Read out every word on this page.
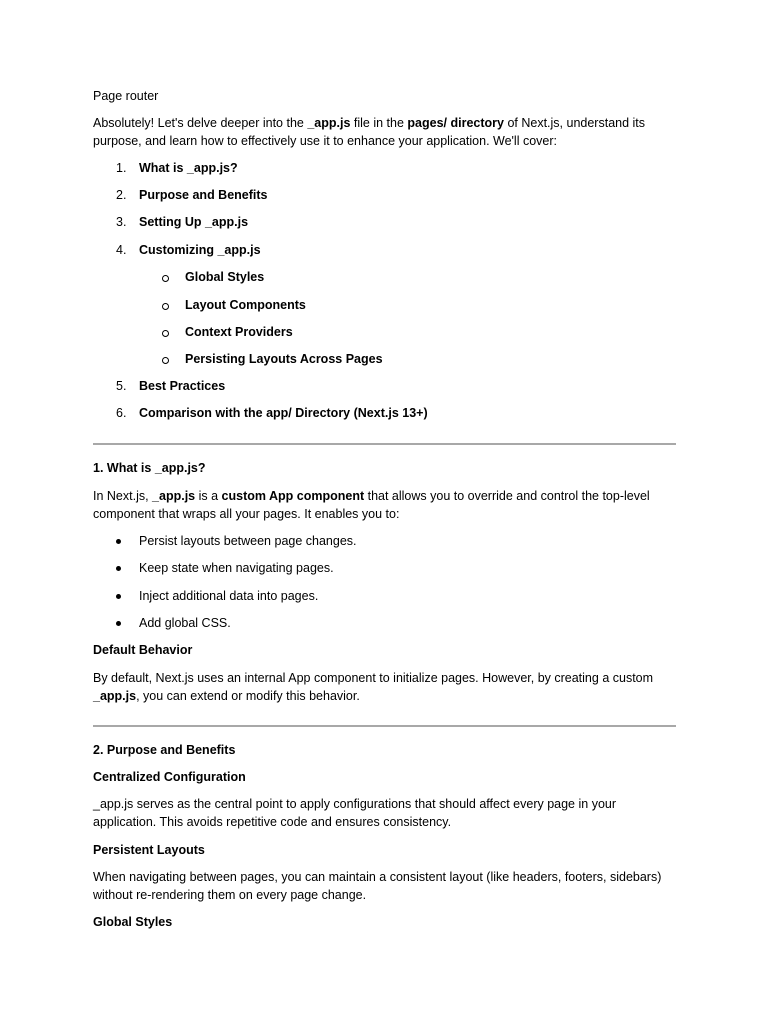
Page router

Absolutely! Let's delve deeper into the _app.js file in the pages/ directory of Next.js, understand its purpose, and learn how to effectively use it to enhance your application. We'll cover:

1. What is _app.js?
2. Purpose and Benefits
3. Setting Up _app.js
4. Customizing _app.js
Global Styles
Layout Components
Context Providers
Persisting Layouts Across Pages
5. Best Practices
6. Comparison with the app/ Directory (Next.js 13+)

1. What is _app.js?

In Next.js, _app.js is a custom App component that allows you to override and control the top-level component that wraps all your pages. It enables you to:

Persist layouts between page changes.
Keep state when navigating pages.
Inject additional data into pages.
Add global CSS.

Default Behavior

By default, Next.js uses an internal App component to initialize pages. However, by creating a custom _app.js, you can extend or modify this behavior.

2. Purpose and Benefits

Centralized Configuration

_app.js serves as the central point to apply configurations that should affect every page in your application. This avoids repetitive code and ensures consistency.

Persistent Layouts

When navigating between pages, you can maintain a consistent layout (like headers, footers, sidebars) without re-rendering them on every page change.

Global Styles
